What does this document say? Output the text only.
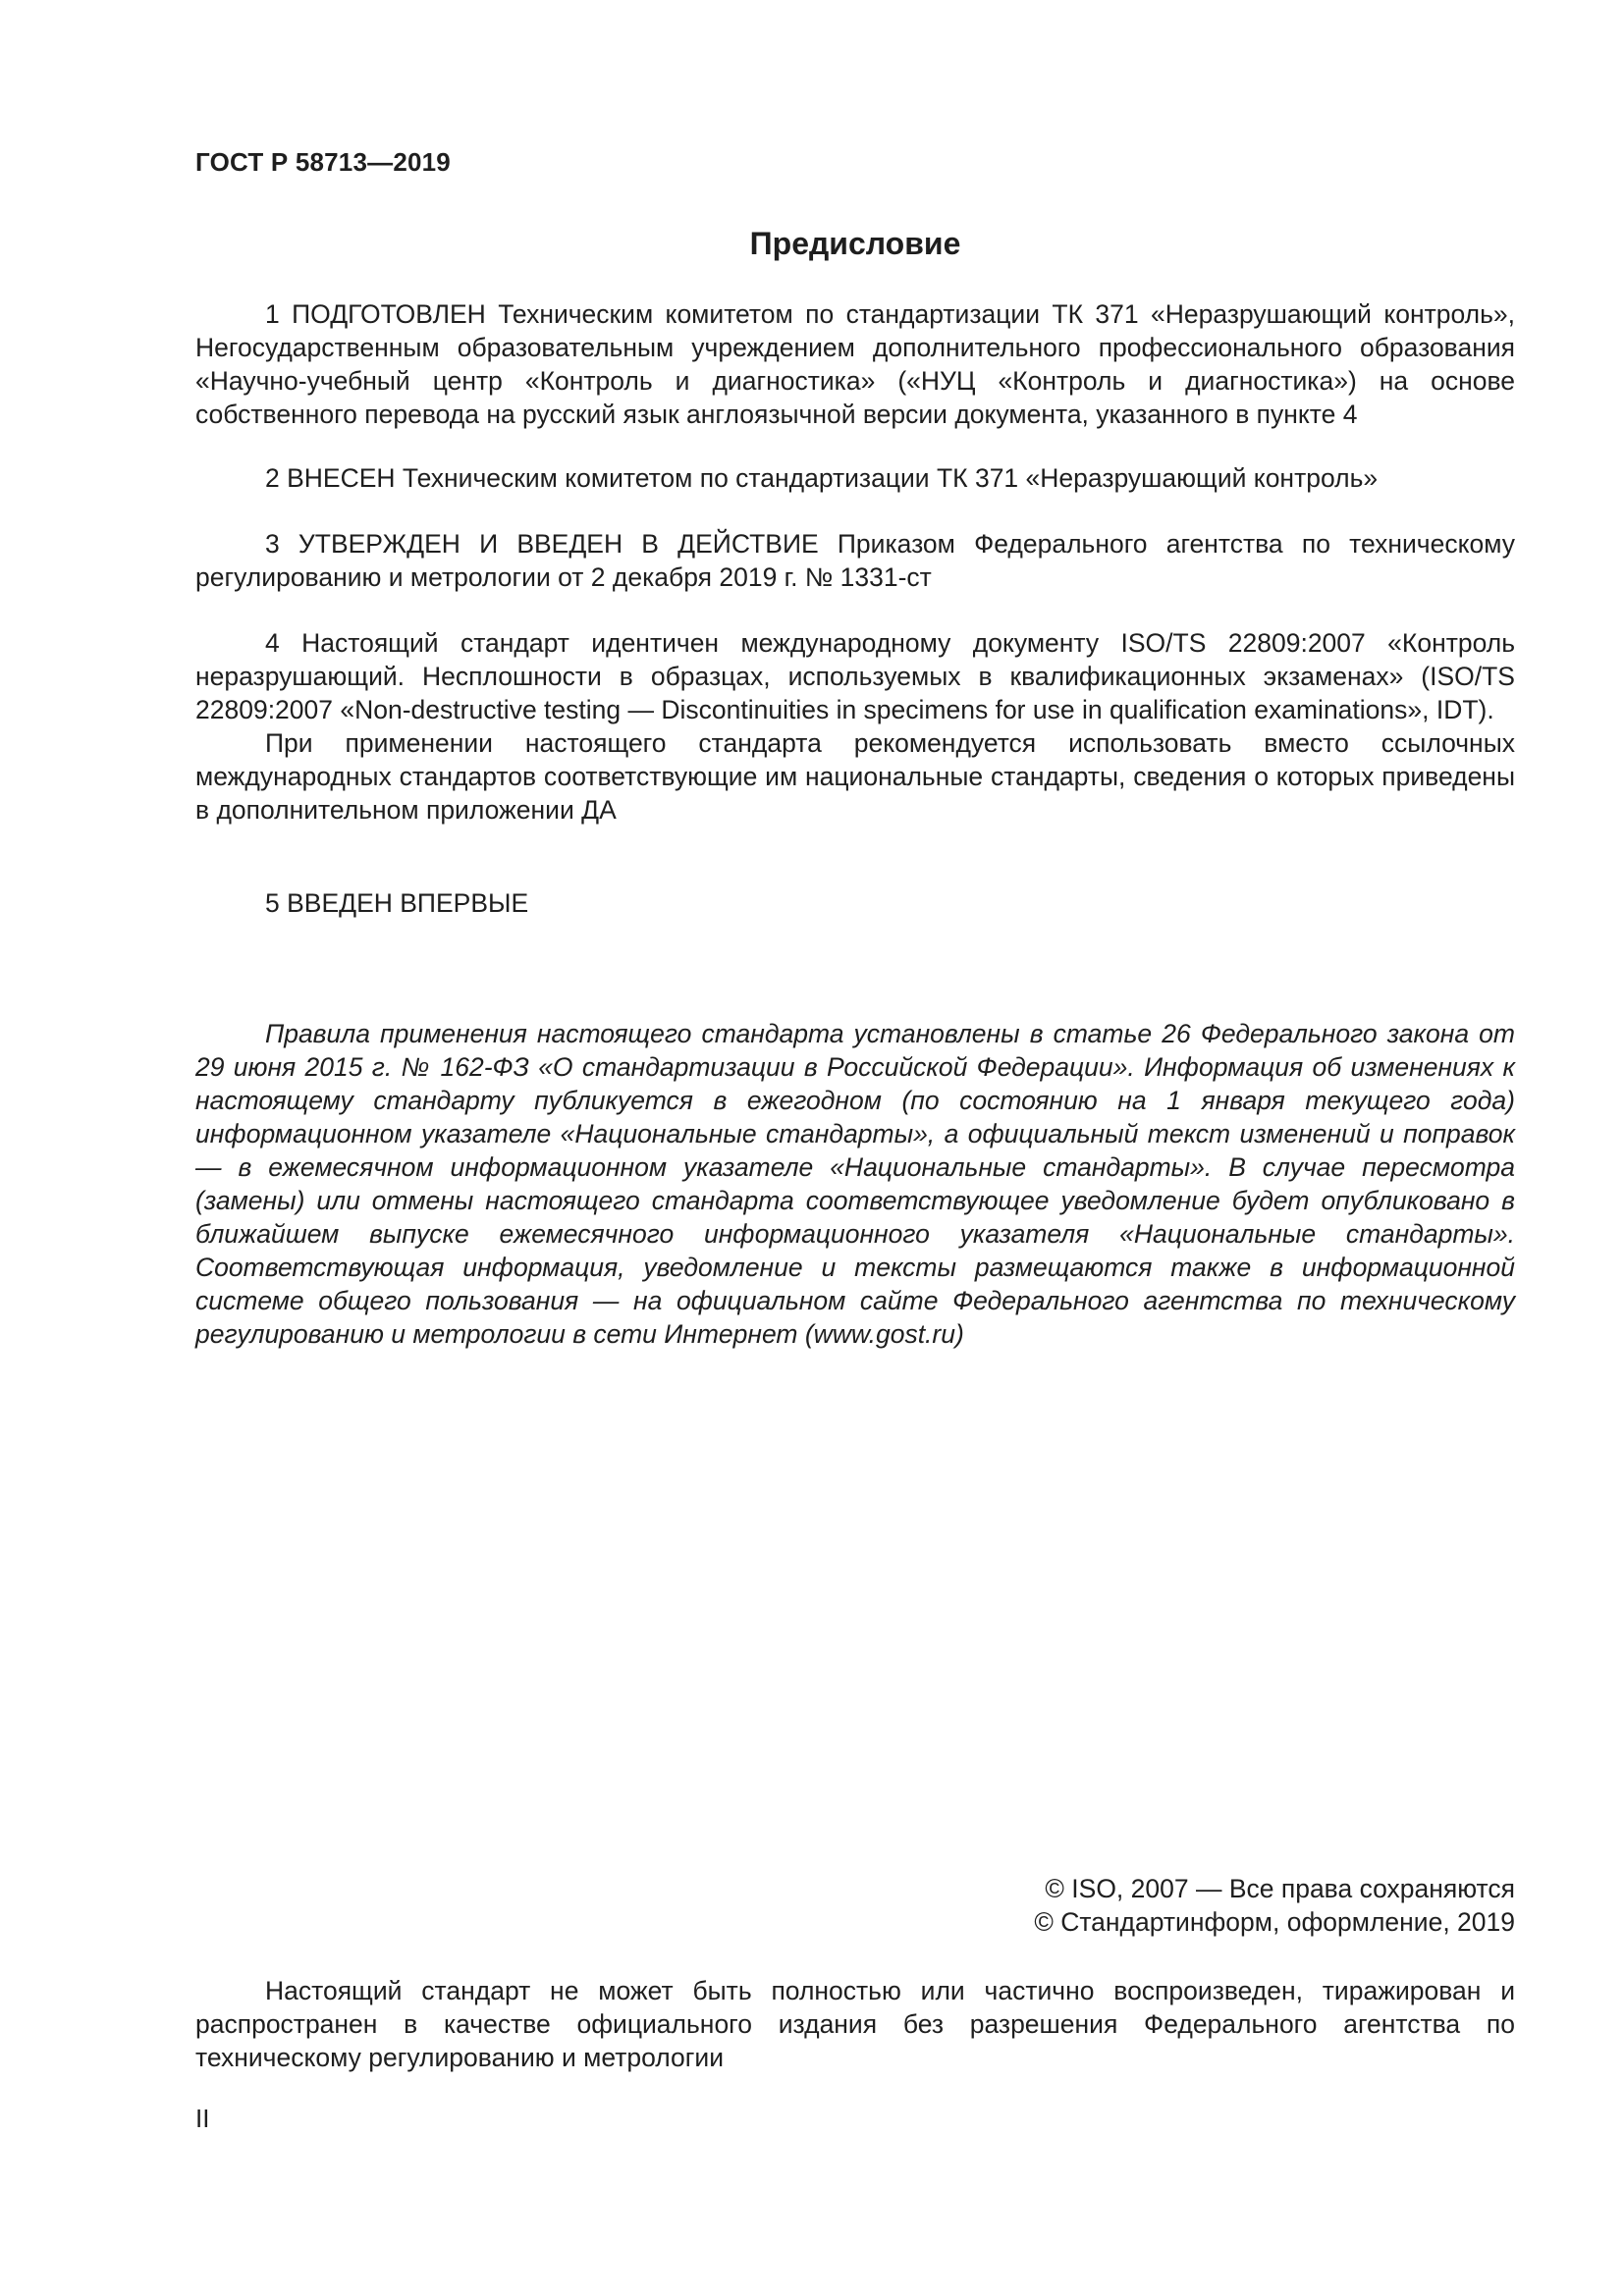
ГОСТ Р 58713—2019
Предисловие

1 ПОДГОТОВЛЕН Техническим комитетом по стандартизации ТК 371 «Неразрушающий контроль», Негосударственным образовательным учреждением дополнительного профессионального образования «Научно-учебный центр «Контроль и диагностика» («НУЦ «Контроль и диагностика») на основе собственного перевода на русский язык англоязычной версии документа, указанного в пункте 4

2 ВНЕСЕН Техническим комитетом по стандартизации ТК 371 «Неразрушающий контроль»

3 УТВЕРЖДЕН И ВВЕДЕН В ДЕЙСТВИЕ Приказом Федерального агентства по техническому регулированию и метрологии от 2 декабря 2019 г. № 1331-ст

4 Настоящий стандарт идентичен международному документу ISO/TS 22809:2007 «Контроль неразрушающий. Несплошности в образцах, используемых в квалификационных экзаменах» (ISO/TS 22809:2007 «Non-destructive testing — Discontinuities in specimens for use in qualification examinations», IDT).

При применении настоящего стандарта рекомендуется использовать вместо ссылочных международных стандартов соответствующие им национальные стандарты, сведения о которых приведены в дополнительном приложении ДА

5 ВВЕДЕН ВПЕРВЫЕ

Правила применения настоящего стандарта установлены в статье 26 Федерального закона от 29 июня 2015 г. № 162-ФЗ «О стандартизации в Российской Федерации». Информация об изменениях к настоящему стандарту публикуется в ежегодном (по состоянию на 1 января текущего года) информационном указателе «Национальные стандарты», а официальный текст изменений и поправок — в ежемесячном информационном указателе «Национальные стандарты». В случае пересмотра (замены) или отмены настоящего стандарта соответствующее уведомление будет опубликовано в ближайшем выпуске ежемесячного информационного указателя «Национальные стандарты». Соответствующая информация, уведомление и тексты размещаются также в информационной системе общего пользования — на официальном сайте Федерального агентства по техническому регулированию и метрологии в сети Интернет (www.gost.ru)

© ISO, 2007 — Все права сохраняются

© Стандартинформ, оформление, 2019

Настоящий стандарт не может быть полностью или частично воспроизведен, тиражирован и распространен в качестве официального издания без разрешения Федерального агентства по техническому регулированию и метрологии

II
